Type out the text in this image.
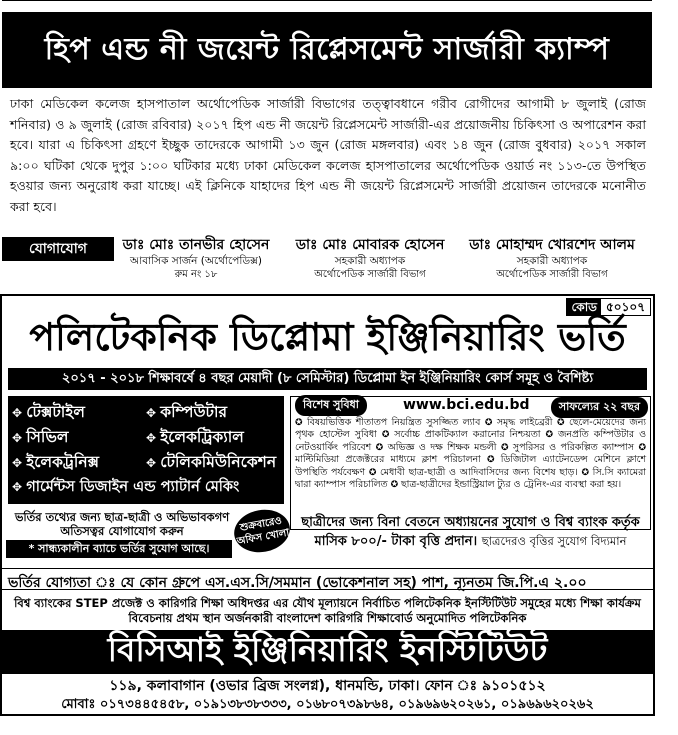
হিপ এন্ড নী জয়েন্ট রিপ্লেসমেন্ট সার্জারী ক্যাম্প

ঢাকা মেডিকেল কলেজ হাসপাতাল অর্থোপেডিক সার্জারী বিভাগের তত্ত্বাবধানে গরীব রোগীদের আগামী ৮ জুলাই (রোজ শনিবার) ও ৯ জুলাই (রোজ রবিবার) ২০১৭ হিপ এন্ড নী জয়েন্ট রিপ্লেসমেন্ট সার্জারী-এর প্রয়োজনীয় চিকিৎসা ও অপারেশন করা হবে। যারা এ চিকিৎসা গ্রহণে ইচ্ছুক তাদেরকে আগামী ১৩ জুন (রোজ মঙ্গলবার) এবং ১৪ জুন (রোজ বুধবার) ২০১৭ সকাল ৯:০০ ঘটিকা থেকে দুপুর ১:০০ ঘটিকার মধ্যে ঢাকা মেডিকেল কলেজ হাসপাতালের অর্থোপেডিক ওয়ার্ড নং ১১৩-তে উপস্থিত হওয়ার জন্য অনুরোধ করা যাচ্ছে। এই ক্লিনিকে যাহাদের হিপ এন্ড নী জয়েন্ট রিপ্লেসমেন্ট সার্জারী প্রয়োজন তাদেরকে মনোনীত করা হবে।

যোগাযোগ	ডাঃ মোঃ তানভীর হোসেন
আবাসিক সার্জন (অর্থোপেডিক্স)
রুম নং ১৮
ডাঃ মোঃ মোবারক হোসেন
সহকারী অধ্যাপক
অর্থোপেডিক সার্জারী বিভাগ
ডাঃ মোহাম্মদ খোরশেদ আলম
সহকারী অধ্যাপক
অর্থোপেডিক সার্জারী বিভাগ
কোড ৫০১০৭
পলিটেকনিক ডিপ্লোমা ইঞ্জিনিয়ারিং ভর্তি
২০১৭ - ২০১৮ শিক্ষাবর্ষে ৪ বছর মেয়াদী (৮ সেমিস্টার) ডিপ্লোমা ইন ইঞ্জিনিয়ারিং কোর্স সমূহ ও বৈশিষ্ট্য
✥ টেক্সটাইল	✥ কম্পিউটার
✥ সিভিল	✥ ইলেকট্রিক্যাল
✥ ইলেকট্রনিক্স	✥ টেলিকমিউনিকেশন
✥ গার্মেন্টস ডিজাইন এন্ড প্যাটার্ন মেকিং
বিশেষ সুবিধা	www.bci.edu.bd	সাফল্যের ২২ বছর
✪ বিষয়ভিত্তিক শীতাতপ নিয়ন্ত্রিত সুসজ্জিত ল্যাব ✪ সমৃদ্ধ লাইব্রেরী ✪ ছেলে-মেয়েদের জন্য পৃথক হোস্টেল সুবিধা ✪ সর্বোচ্চ প্রাকটিক্যাল করানোর নিশ্চয়তা ✪ জনপ্রতি কম্পিউটার ও নেটওয়ার্কিং পরিবেশ ✪ অভিজ্ঞ ও দক্ষ শিক্ষক মন্ডলী ✪ সুপরিসর ও পরিকল্পিত ক্যাম্পাস ✪ মাল্টিমিডিয়া প্রজেক্টরের মাধ্যমে ক্লাশ পরিচালনা ✪ ডিজিটাল এ্যাটেনডেন্স মেশিনে ক্লাশে উপস্থিতি পর্যবেক্ষণ ✪ মেধাবী ছাত্র-ছাত্রী ও আদিবাসিদের জন্য বিশেষ ছাড়। ✪ সি.সি ক্যামেরা দ্বারা ক্যাম্পাস পরিচালিত ✪ ছাত্র-ছাত্রীদের ইন্ডাস্ট্রিয়াল ট্যুর ও ট্রেনিং-এর ব্যবস্থা করা হয়।
ভর্তির তথ্যের জন্য ছাত্র-ছাত্রী ও অভিভাবকগণ অতিসত্বর যোগাযোগ করুন
* সান্ধ্যকালীন ব্যাচে ভর্তির সুযোগ আছে।
শুক্রবারেও অফিস খোলা
ছাত্রীদের জন্য বিনা বেতনে অধ্যায়নের সুযোগ ও বিশ্ব ব্যাংক কর্তৃক মাসিক ৮০০/- টাকা বৃত্তি প্রদান। ছাত্রদেরও বৃত্তির সুযোগ বিদ্যমান
ভর্তির যোগ্যতা ঃ যে কোন গ্রুপে এস.এস.সি/সমমান (ভোকেশনাল সহ) পাশ, ন্যূনতম জি.পি.এ ২.০০
বিশ্ব ব্যাংকের STEP প্রজেক্ট ও কারিগরি শিক্ষা অধিদপ্তর এর যৌথ মূল্যায়নে নির্বাচিত পলিটেকনিক ইনস্টিটিউট সমুহের মধ্যে শিক্ষা কার্যক্রম বিবেচনায় প্রথম স্থান অর্জনকারী বাংলাদেশ কারিগরি শিক্ষাবোর্ড অনুমোদিত পলিটেকনিক
বিসিআই ইঞ্জিনিয়ারিং ইনস্টিটিউট
১১৯, কলাবাগান (ওভার ব্রিজ সংলগ্ন), ধানমন্ডি, ঢাকা। ফোন ঃ ৯১০১৫১২
মোবাঃ ০১৭৩৪৪৫৪৫৮, ০১৯১৩৮৩৮৩৩৩, ০১৬৮০৭৩৯৮৬৪, ০১৯৬৯৬২০২৬১, ০১৯৬৯৬২০২৬২
